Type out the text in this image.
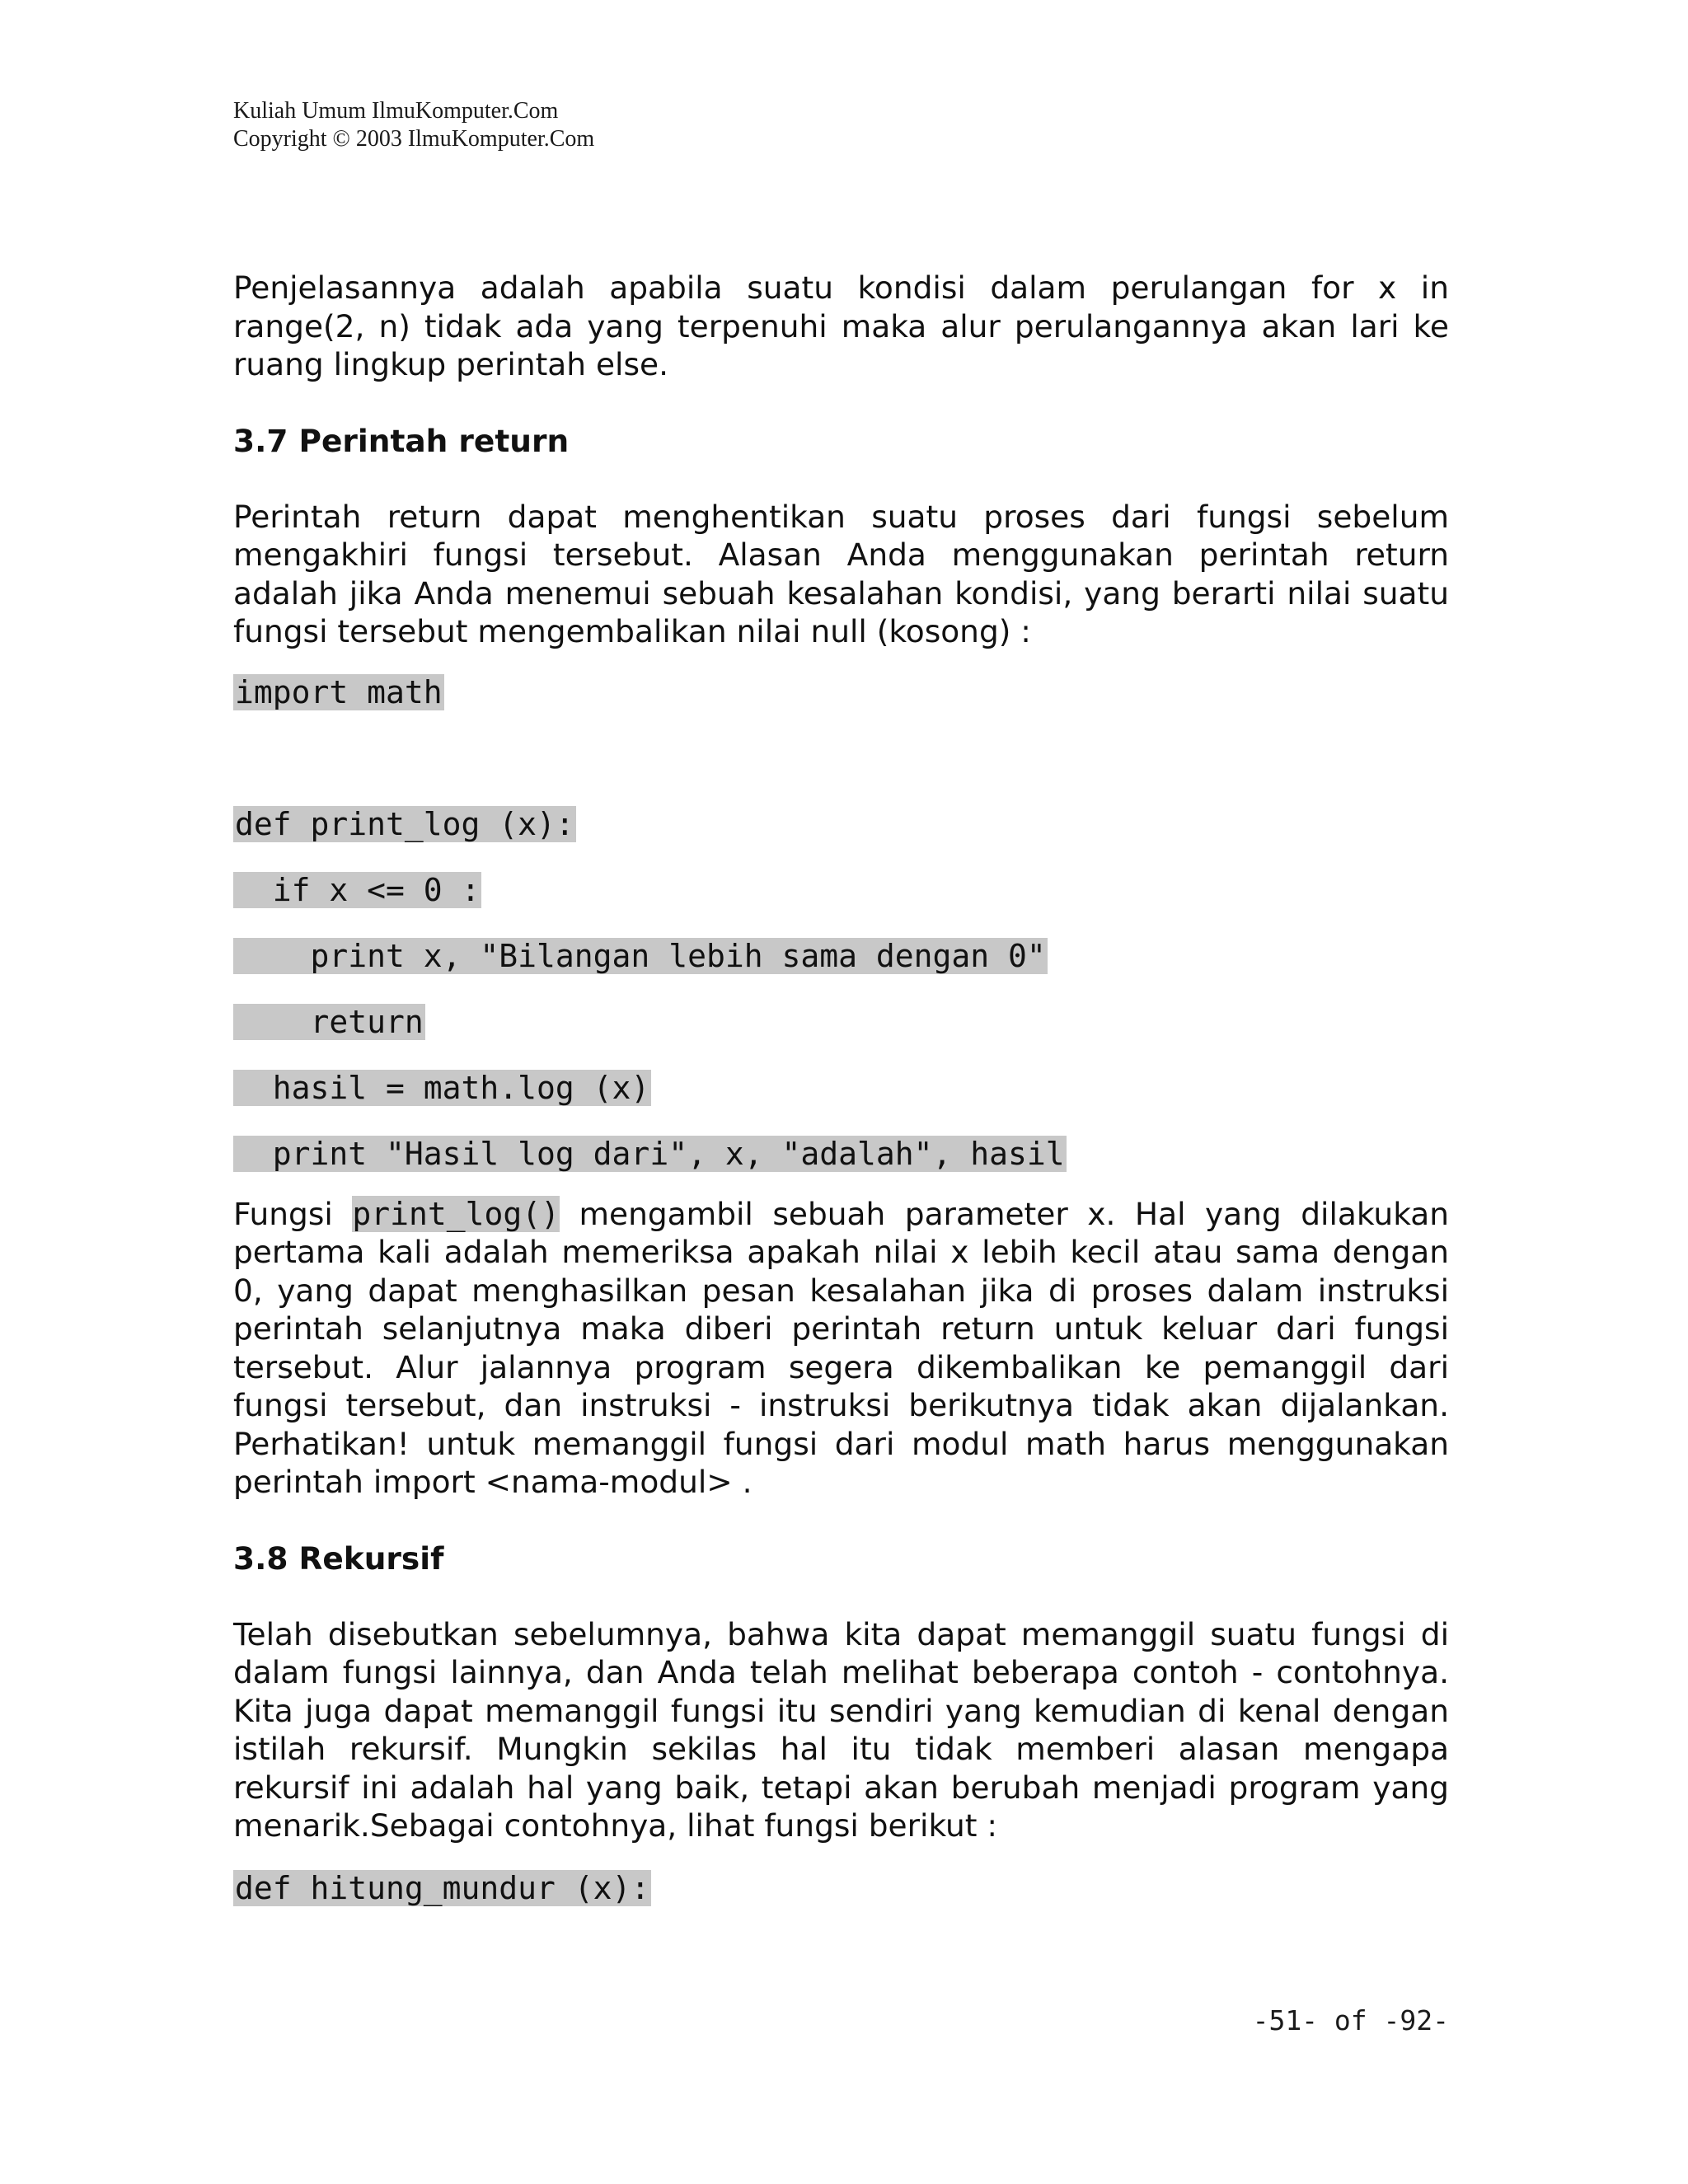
Kuliah Umum IlmuKomputer.Com
Copyright © 2003 IlmuKomputer.Com

Penjelasannya adalah apabila suatu kondisi dalam perulangan for x in range(2, n) tidak ada yang terpenuhi maka alur perulangannya akan lari ke ruang lingkup perintah else.

3.7 Perintah return

Perintah return dapat menghentikan suatu proses dari fungsi sebelum mengakhiri fungsi tersebut. Alasan Anda menggunakan perintah return adalah jika Anda menemui sebuah kesalahan kondisi, yang berarti nilai suatu fungsi tersebut mengembalikan nilai null (kosong) :

import math
def print_log (x):
if x <= 0 :
print x, "Bilangan lebih sama dengan 0"
return
hasil = math.log (x)
print "Hasil log dari", x, "adalah", hasil

Fungsi print_log() mengambil sebuah parameter x. Hal yang dilakukan pertama kali adalah memeriksa apakah nilai x lebih kecil atau sama dengan 0, yang dapat menghasilkan pesan kesalahan jika di proses dalam instruksi perintah selanjutnya maka diberi perintah return untuk keluar dari fungsi tersebut. Alur jalannya program segera dikembalikan ke pemanggil dari fungsi tersebut, dan instruksi - instruksi berikutnya tidak akan dijalankan. Perhatikan! untuk memanggil fungsi dari modul math harus menggunakan perintah import <nama-modul> .

3.8 Rekursif

Telah disebutkan sebelumnya, bahwa kita dapat memanggil suatu fungsi di dalam fungsi lainnya, dan Anda telah melihat beberapa contoh - contohnya. Kita juga dapat memanggil fungsi itu sendiri yang kemudian di kenal dengan istilah rekursif. Mungkin sekilas hal itu tidak memberi alasan mengapa rekursif ini adalah hal yang baik, tetapi akan berubah menjadi program yang menarik.Sebagai contohnya, lihat fungsi berikut :

def hitung_mundur (x):
-51- of -92-
